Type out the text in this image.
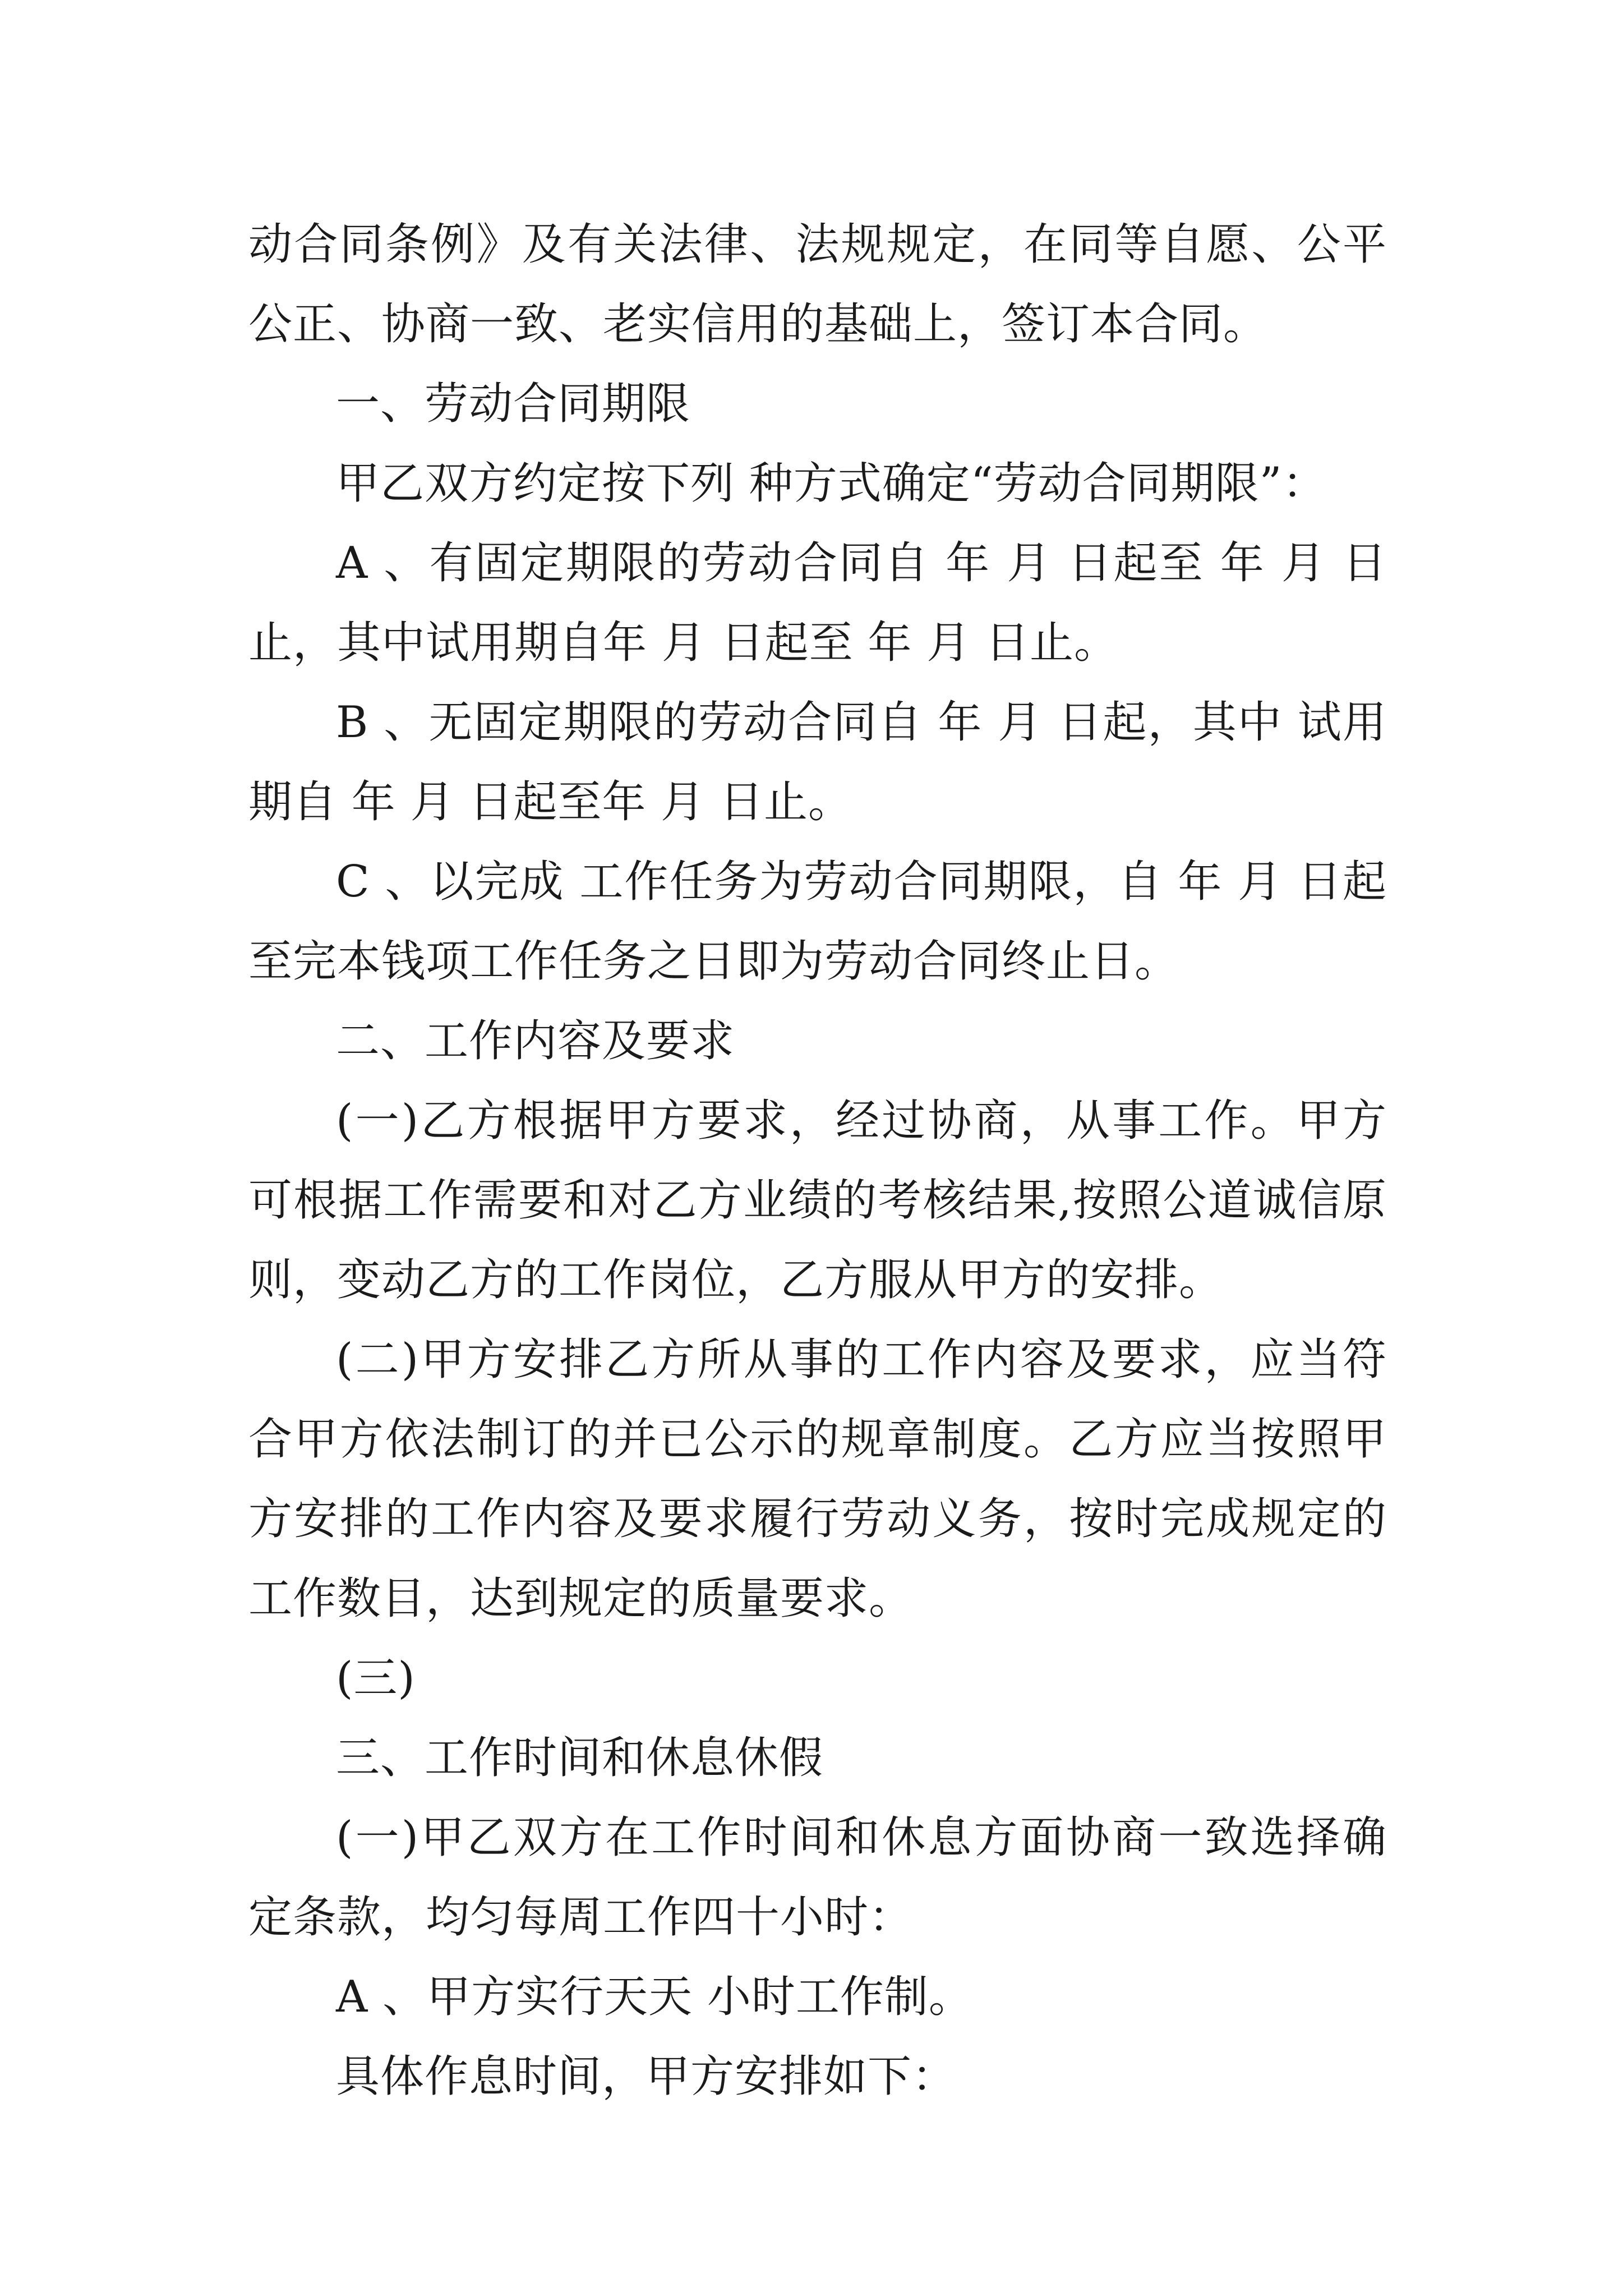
动合同条例》及有关法律、法规规定，在同等自愿、公平公正、协商一致、老实信用的基础上，签订本合同。

一、劳动合同期限

甲乙双方约定按下列 种方式确定“劳动合同期限”：

A 、有固定期限的劳动合同自 年 月 日起至 年 月 日止，其中试用期自年 月 日起至 年 月 日止。

B 、无固定期限的劳动合同自 年 月 日起，其中 试用期自 年 月 日起至年 月 日止。

C 、以完成 工作任务为劳动合同期限，自 年 月 日起至完本钱项工作任务之日即为劳动合同终止日。

二、工作内容及要求

(一)乙方根据甲方要求，经过协商，从事工作。甲方可根据工作需要和对乙方业绩的考核结果,按照公道诚信原则，变动乙方的工作岗位，乙方服从甲方的安排。

(二)甲方安排乙方所从事的工作内容及要求，应当符合甲方依法制订的并已公示的规章制度。乙方应当按照甲方安排的工作内容及要求履行劳动义务，按时完成规定的工作数目，达到规定的质量要求。

(三)

三、工作时间和休息休假

(一)甲乙双方在工作时间和休息方面协商一致选择确定条款，均匀每周工作四十小时：

A 、甲方实行天天 小时工作制。

具体作息时间，甲方安排如下：
